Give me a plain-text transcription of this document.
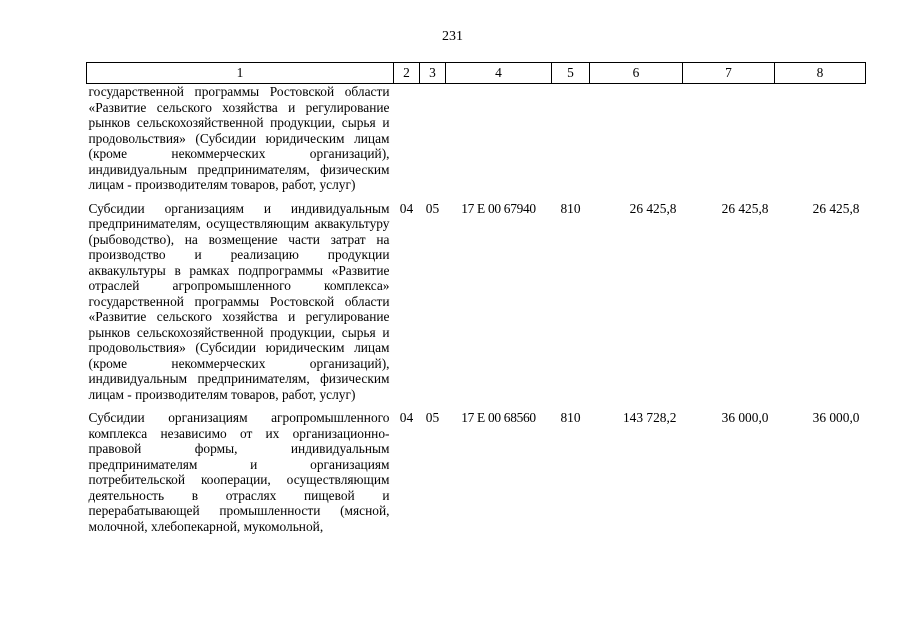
231
1	2	3	4	5	6	7	8
государственной программы Ростовской области «Развитие сельского хозяйства и регулирование рынков сельскохозяйственной продукции, сырья и продовольствия» (Субсидии юридическим лицам (кроме некоммерческих организаций), индивидуальным предпринимателям, физическим лицам - производителям товаров, работ, услуг)							
Субсидии организациям и индивидуальным предпринимателям, осуществляющим аквакультуру (рыбоводство), на возмещение части затрат на производство и реализацию продукции аквакультуры в рамках подпрограммы «Развитие отраслей агропромышленного комплекса» государственной программы Ростовской области «Развитие сельского хозяйства и регулирование рынков сельскохозяйственной продукции, сырья и продовольствия» (Субсидии юридическим лицам (кроме некоммерческих организаций), индивидуальным предпринимателям, физическим лицам - производителям товаров, работ, услуг)	04	05	17 Е 00 67940	810	26 425,8	26 425,8	26 425,8
Субсидии организациям агропромышленного комплекса независимо от их организационно-правовой формы, индивидуальным предпринимателям и организациям потребительской кооперации, осуществляющим деятельность в отраслях пищевой и перерабатывающей промышленности (мясной, молочной, хлебопекарной, мукомольной,	04	05	17 Е 00 68560	810	143 728,2	36 000,0	36 000,0
